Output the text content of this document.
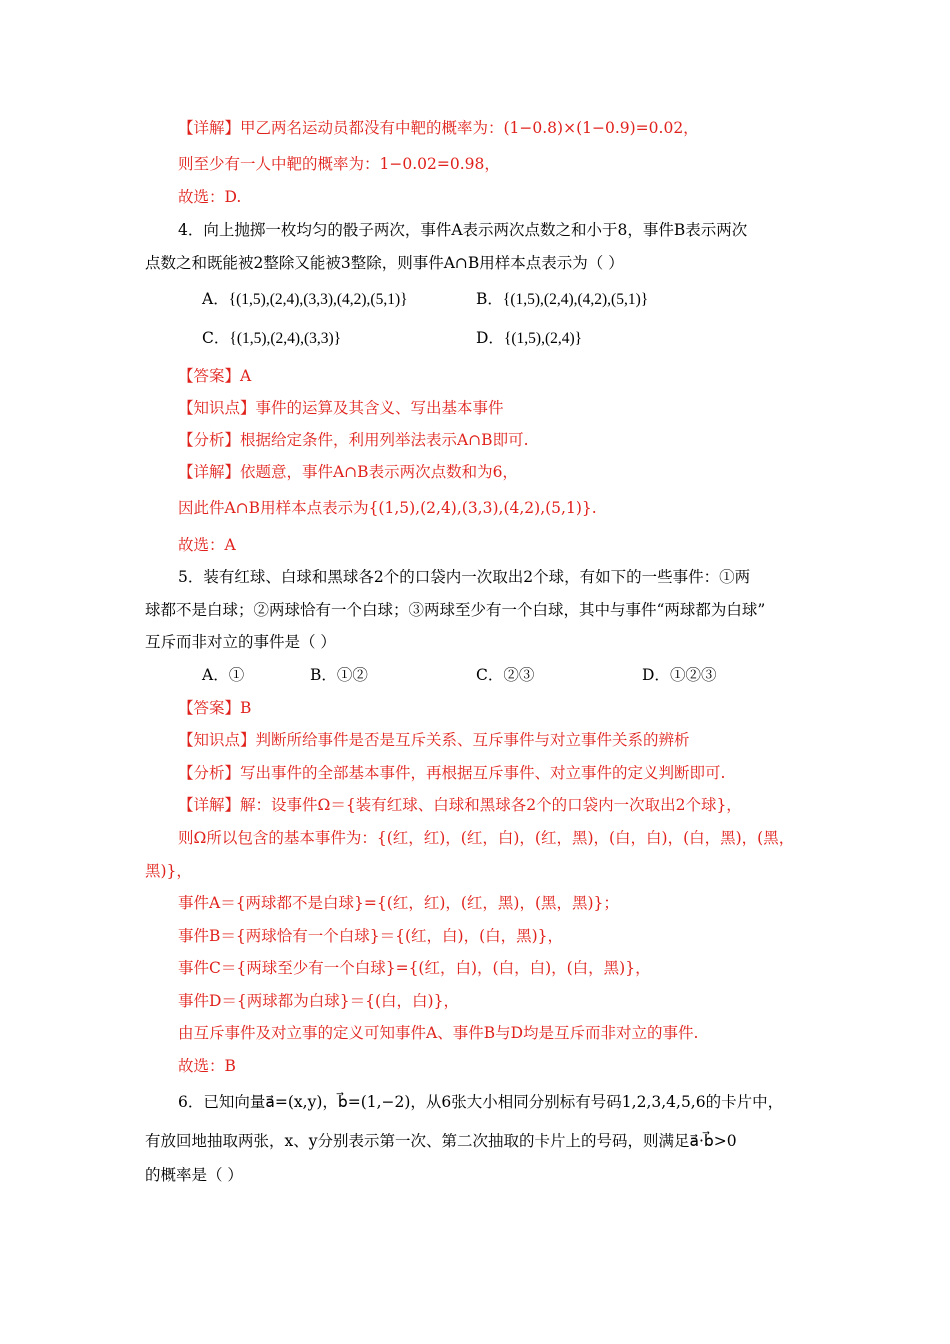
【详解】甲乙两名运动员都没有中靶的概率为：(1−0.8)×(1−0.9)=0.02，
则至少有一人中靶的概率为：1−0.02=0.98，
故选：D.
4．向上抛掷一枚均匀的骰子两次，事件A表示两次点数之和小于8，事件B表示两次
点数之和既能被2整除又能被3整除，则事件A∩B用样本点表示为（ ）
A．{(1,5),(2,4),(3,3),(4,2),(5,1)}	B．{(1,5),(2,4),(4,2),(5,1)}
C．{(1,5),(2,4),(3,3)}	D．{(1,5),(2,4)}
【答案】A
【知识点】事件的运算及其含义、写出基本事件
【分析】根据给定条件，利用列举法表示A∩B即可.
【详解】依题意，事件A∩B表示两次点数和为6，
因此件A∩B用样本点表示为{(1,5),(2,4),(3,3),(4,2),(5,1)}.
故选：A
5．装有红球、白球和黑球各2个的口袋内一次取出2个球，有如下的一些事件：①两
球都不是白球；②两球恰有一个白球；③两球至少有一个白球，其中与事件“两球都为白球”
互斥而非对立的事件是（ ）
A．①	B．①②	C．②③	D．①②③
【答案】B
【知识点】判断所给事件是否是互斥关系、互斥事件与对立事件关系的辨析
【分析】写出事件的全部基本事件，再根据互斥事件、对立事件的定义判断即可.
【详解】解：设事件Ω＝{装有红球、白球和黑球各2个的口袋内一次取出2个球}，
则Ω所以包含的基本事件为：{(红，红)，(红，白)，(红，黑)，(白，白)，(白，黑)，(黑，
黑)}，
事件A＝{两球都不是白球}={(红，红)，(红，黑)，(黑，黑)}；
事件B＝{两球恰有一个白球}＝{(红，白)，(白，黑)}，
事件C＝{两球至少有一个白球}={(红，白)，(白，白)，(白，黑)}，
事件D＝{两球都为白球}＝{(白，白)}，
由互斥事件及对立事的定义可知事件A、事件B与D均是互斥而非对立的事件.
故选：B
6．已知向量a⃗=(x,y)，b⃗=(1,−2)，从6张大小相同分别标有号码1,2,3,4,5,6的卡片中，
有放回地抽取两张，x、y分别表示第一次、第二次抽取的卡片上的号码，则满足a⃗·b⃗>0
的概率是（ ）
